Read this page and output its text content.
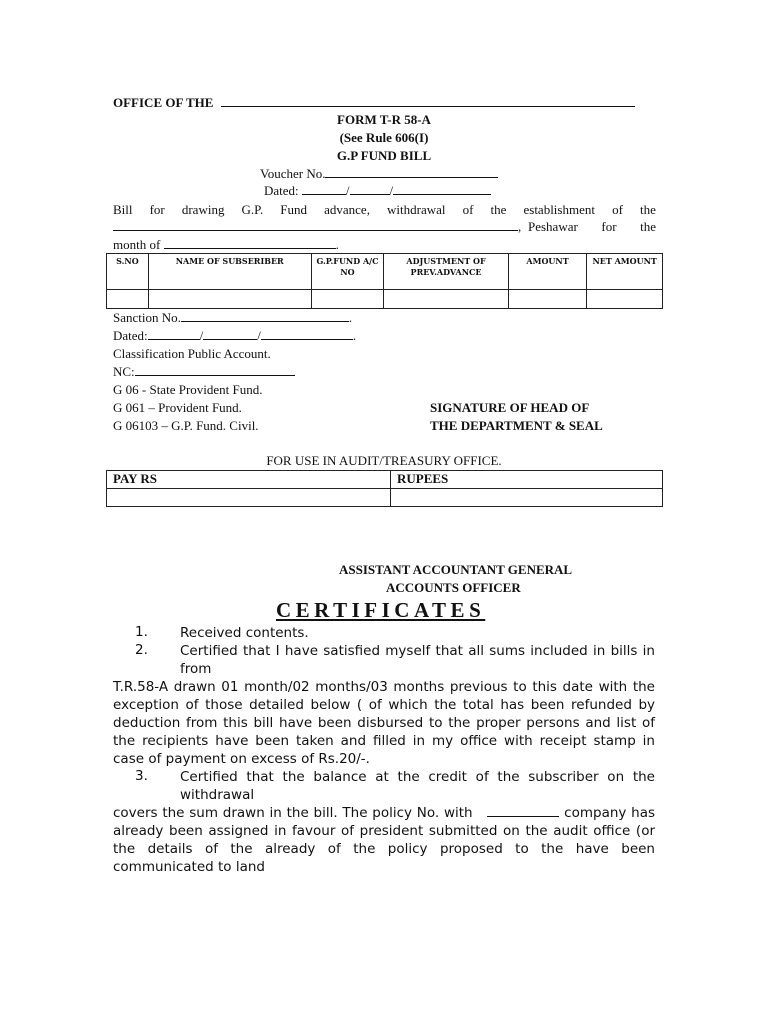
OFFICE OF THE
FORM T-R 58-A
(See Rule 606(I)
G.P FUND BILL
Voucher No.
Dated:	/	/
Bill for drawing G.P. Fund advance, withdrawal of the establishment of the
, Peshawar for the
month of	.
S.NO	NAME OF SUBSERIBER	G.P.FUND A/C NO	ADJUSTMENT OF PREV.ADVANCE	AMOUNT	NET AMOUNT

Sanction No.	.
Dated:	/	/	.
Classification Public Account.
NC:
G 06 - State Provident Fund.
G 061 – Provident Fund.
G 06103 – G.P. Fund. Civil.
SIGNATURE OF HEAD OF
THE DEPARTMENT & SEAL
FOR USE IN AUDIT/TREASURY OFFICE.
PAY RS	RUPEES

ASSISTANT ACCOUNTANT GENERAL
ACCOUNTS OFFICER
CERTIFICATES
1. Received contents.
2. Certified that I have satisfied myself that all sums included in bills in from
T.R.58-A drawn 01 month/02 months/03 months previous to this date with the exception of those detailed below ( of which the total has been refunded by deduction from this bill have been disbursed to the proper persons and list of the recipients have been taken and filled in my office with receipt stamp in case of payment on excess of Rs.20/-.
3. Certified that the balance at the credit of the subscriber on the withdrawal
covers the sum drawn in the bill. The policy No. with	company has already been assigned in favour of president submitted on the audit office (or the details of the already of the policy proposed to the have been communicated to land
